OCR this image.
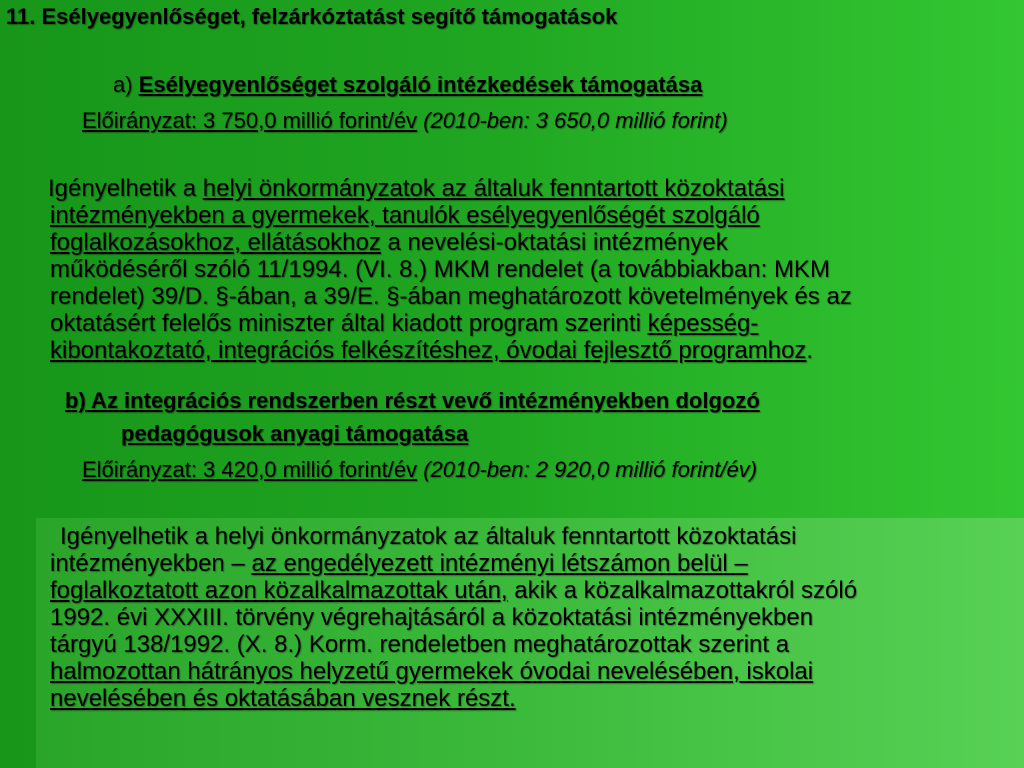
11. Esélyegyenlőséget, felzárkóztatást segítő támogatások
a) Esélyegyenlőséget szolgáló intézkedések támogatása
Előirányzat: 3 750,0 millió forint/év (2010-ben: 3 650,0 millió forint)
Igényelhetik a helyi önkormányzatok az általuk fenntartott közoktatási
intézményekben a gyermekek, tanulók esélyegyenlőségét szolgáló
foglalkozásokhoz, ellátásokhoz a nevelési-oktatási intézmények
működéséről szóló 11/1994. (VI. 8.) MKM rendelet (a továbbiakban: MKM
rendelet) 39/D. §-ában, a 39/E. §-ában meghatározott követelmények és az
oktatásért felelős miniszter által kiadott program szerinti képesség-
kibontakoztató, integrációs felkészítéshez, óvodai fejlesztő programhoz.
b) Az integrációs rendszerben részt vevő intézményekben dolgozó
pedagógusok anyagi támogatása
Előirányzat: 3 420,0 millió forint/év (2010-ben: 2 920,0 millió forint/év)
Igényelhetik a helyi önkormányzatok az általuk fenntartott közoktatási
intézményekben – az engedélyezett intézményi létszámon belül –
foglalkoztatott azon közalkalmazottak után, akik a közalkalmazottakról szóló
1992. évi XXXIII. törvény végrehajtásáról a közoktatási intézményekben
tárgyú 138/1992. (X. 8.) Korm. rendeletben meghatározottak szerint a
halmozottan hátrányos helyzetű gyermekek óvodai nevelésében, iskolai
nevelésében és oktatásában vesznek részt.
